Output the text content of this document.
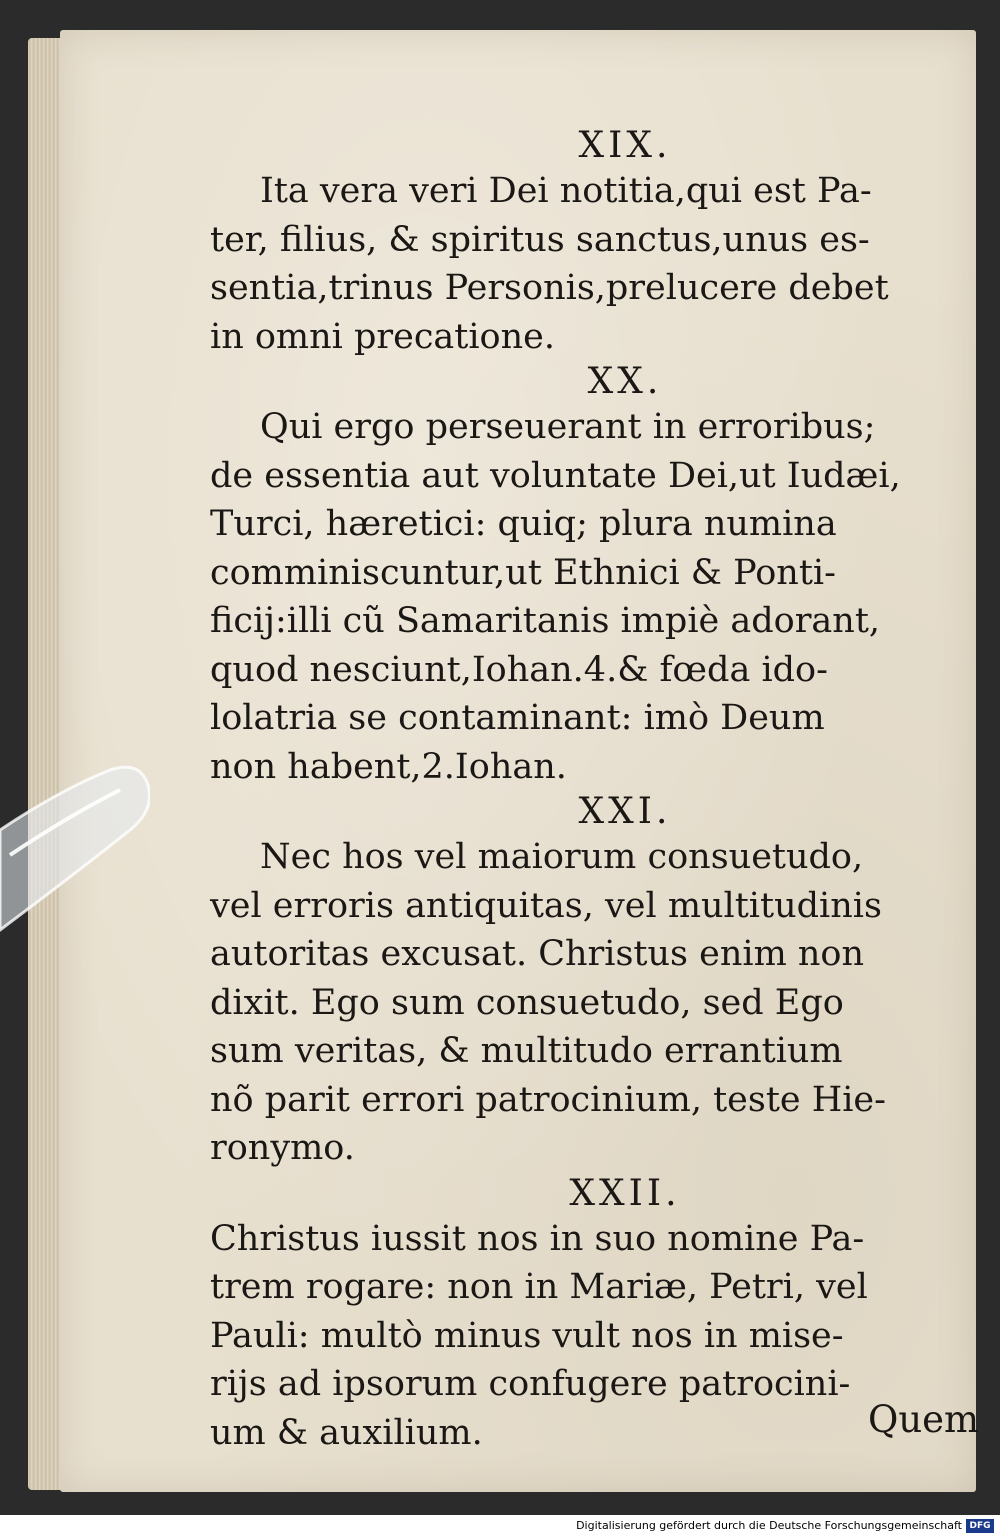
XIX.

Ita vera veri Dei notitia,qui est Pa-
ter, filius, & spiritus sanctus,unus es-
sentia,trinus Personis,prelucere debet
in omni precatione.

XX.

Qui ergo perseuerant in erroribus;
de essentia aut voluntate Dei,ut Iudæi,
Turci, hæretici: quiq; plura numina
comminiscuntur,ut Ethnici & Ponti-
ficij:illi cũ Samaritanis impiè adorant,
quod nesciunt,Iohan.4.& fœda ido-
lolatria se contaminant: imò Deum
non habent,2.Iohan.

XXI.

Nec hos vel maiorum consuetudo,
vel erroris antiquitas, vel multitudinis
autoritas excusat. Christus enim non
dixit. Ego sum consuetudo, sed Ego
sum veritas, & multitudo errantium
nõ parit errori patrocinium, teste Hie-
ronymo.

XXII.

Christus iussit nos in suo nomine Pa-
trem rogare: non in Mariæ, Petri, vel
Pauli: multò minus vult nos in mise-
rijs ad ipsorum confugere patrocini-
um & auxilium.	Quem
Digitalisierung gefördert durch die Deutsche Forschungsgemeinschaft DFG
